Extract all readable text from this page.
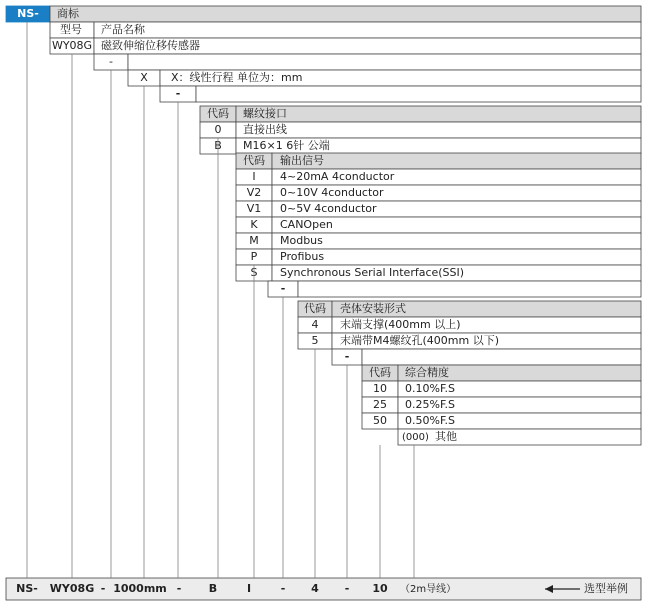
NS- 商标
型号 产品名称
WY08G 磁致伸缩位移传感器
-
X X：线性行程 单位为：mm
-
代码 螺纹接口
0 直接出线
B M16×1 6针 公端
代码 输出信号
I 4~20mA 4conductor
V2 0~10V 4conductor
V1 0~5V 4conductor
K CANOpen
M Modbus
P Profibus
S Synchronous Serial Interface(SSI)
-
代码 壳体安装形式
4 末端支撑(400mm 以上)
5 末端带M4螺纹孔(400mm 以下)
-
代码 综合精度
10 0.10%F.S
25 0.25%F.S
50 0.50%F.S
(000) 其他
NS- WY08G - 1000mm -	B	I	- 4 - 10 （2m导线）	选型举例
